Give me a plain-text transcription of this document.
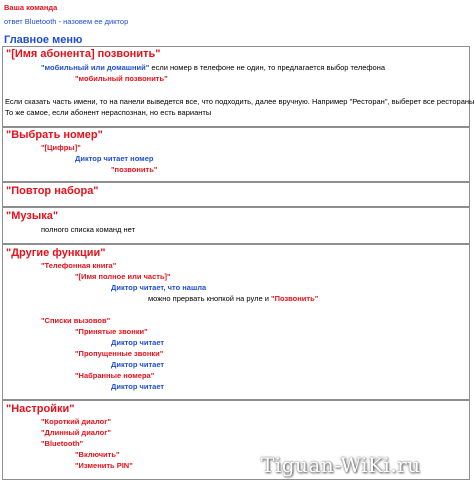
Ваша команда
ответ Bluetooth - назовем ее диктор
Главное меню
"[Имя абонента] позвонить"
"мобильный или домашний" если номер в телефоне не один, то предлагается выбор телефона
"мобильный позвонить"
Если сказать часть имени, то на панели выведется все, что подходить, далее вручную. Например "Ресторан", выберет все рестораны
То же самое, если абонент нераспознан, но есть варианты
"Выбрать номер"
"[Цифры]"
Диктор читает номер
"позвонить"
"Повтор набора"
"Музыка"
полного списка команд нет
"Другие функции"
"Телефонная книга"
"[Имя полное или часть]"
Диктор читает, что нашла
можно прервать кнопкой на руле и "Позвонить"
"Списки вызовов"
"Принятые звонки"
Диктор читает
"Пропущенные звонки"
Диктор читает
"Набранные номера"
Диктор читает
"Настройки"
"Короткий диалог"
"Длинный диалог"
"Bluetooth"
"Включить"
"Изменить PIN"	Tiguan-WiKi.ru
